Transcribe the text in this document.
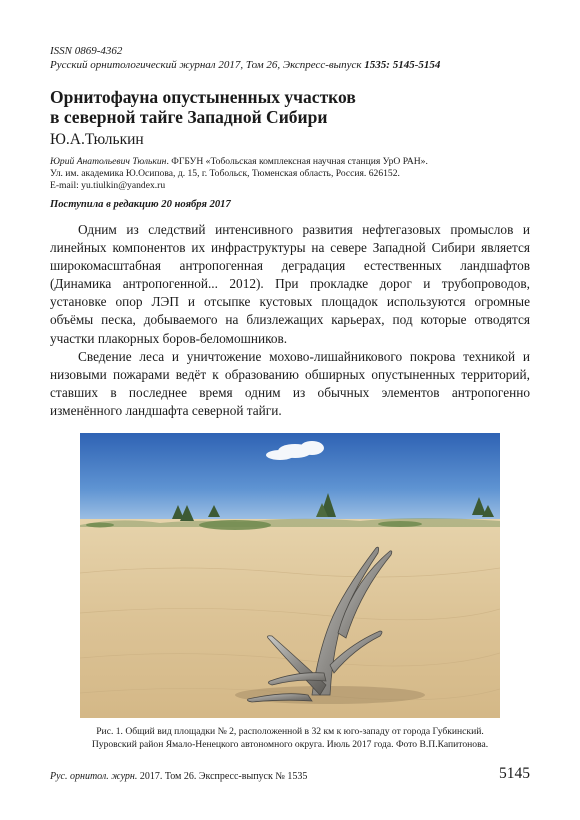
ISSN 0869-4362
Русский орнитологический журнал 2017, Том 26, Экспресс-выпуск 1535: 5145-5154
Орнитофауна опустыненных участков
в северной тайге Западной Сибири
Ю.А.Тюлькин
Юрий Анатольевич Тюлькин. ФГБУН «Тобольская комплексная научная станция УрО РАН».
Ул. им. академика Ю.Осипова, д. 15, г. Тобольск, Тюменская область, Россия. 626152.
E-mail: yu.tiulkin@yandex.ru
Поступила в редакцию 20 ноября 2017

Одним из следствий интенсивного развития нефтегазовых промыслов и линейных компонентов их инфраструктуры на севере Западной Сибири является широкомасштабная антропогенная деградация естественных ландшафтов (Динамика антропогенной... 2012). При прокладке дорог и трубопроводов, установке опор ЛЭП и отсыпке кустовых площадок используются огромные объёмы песка, добываемого на близлежащих карьерах, под которые отводятся участки плакорных боров-беломошников.

Сведение леса и уничтожение мохово-лишайникового покрова техникой и низовыми пожарами ведёт к образованию обширных опустыненных территорий, ставших в последнее время одним из обычных элементов антропогенно изменённого ландшафта северной тайги.

Рис. 1. Общий вид площадки № 2, расположенной в 32 км к юго-западу от города Губкинский.
Пуровский район Ямало-Ненецкого автономного округа. Июль 2017 года. Фото В.П.Капитонова.
Рус. орнитол. журн. 2017. Том 26. Экспресс-выпуск № 1535	5145
